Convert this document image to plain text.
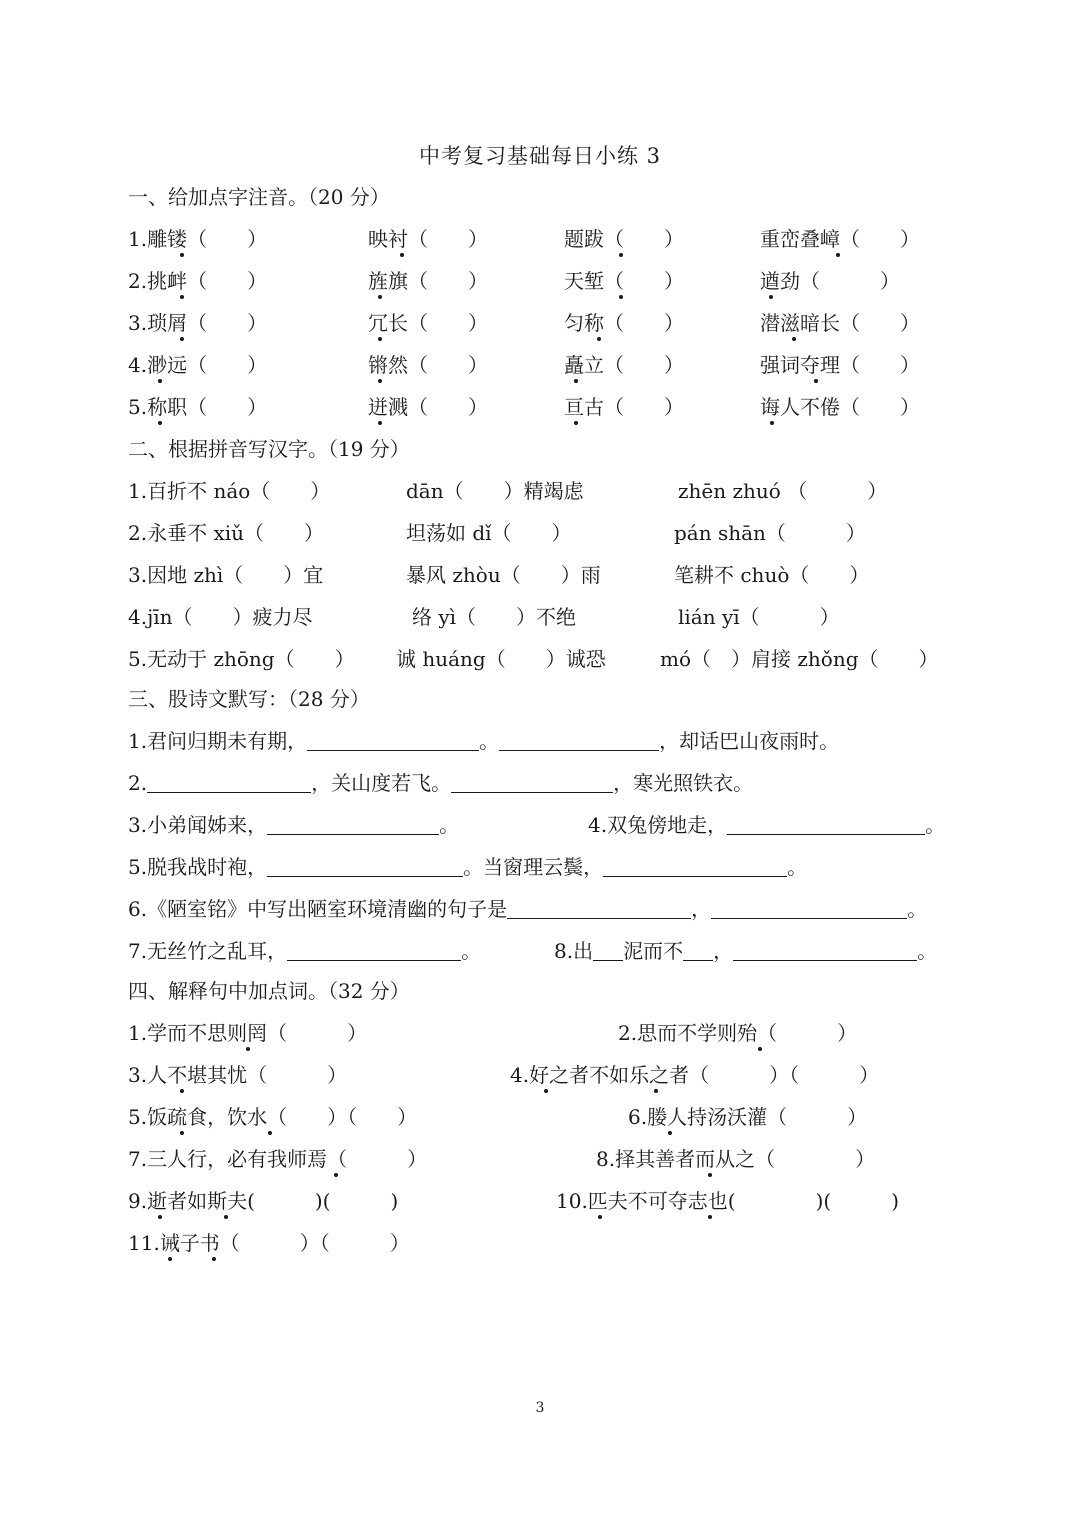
中考复习基础每日小练 3
一、给加点字注音。（20 分）
1.雕镂（　　）	映衬（　　）	题跋（　　）	重峦叠嶂（　　）
2.挑衅（　　）	旌旗（　　）	天堑（　　）	遒劲（　　　）
3.琐屑（　　）	冗长（　　）	匀称（　　）	潜滋暗长（　　）
4.渺远（　　）	锵然（　　）	矗立（　　）	强词夺理（　　）
5.称职（　　）	迸溅（　　）	亘古（　　）	诲人不倦（　　）
二、根据拼音写汉字。（19 分）
1.百折不 náo（　　）	dān（　　）精竭虑	zhēn zhuó （　　　）
2.永垂不 xiǔ（　　）	坦荡如 dǐ（　　）	pán shān（　　　）
3.因地 zhì（　　）宜	暴风 zhòu（　　）雨	笔耕不 chuò（　　）
4.jīn（　　）疲力尽	络 yì（　　）不绝	lián yī（　　　）
5.无动于 zhōng（　　） 诚 huáng（　　）诚恐	mó（　）肩接 zhǒng（　　）
三、股诗文默写：（28 分）
1.君问归期未有期，	。	，却话巴山夜雨时。
2.	，关山度若飞。	，寒光照铁衣。
3.小弟闻姊来，	。	4.双兔傍地走，	。
5.脱我战时袍，	。当窗理云鬓，	。
6.《陋室铭》中写出陋室环境清幽的句子是	，	。
7.无丝竹之乱耳，	。	8.出 泥而不 ，	。
四、解释句中加点词。（32 分）
1.学而不思则罔（　　　）	2.思而不学则殆（　　　）
3.人不堪其忧（　　　）	4.好之者不如乐之者（　　　）（　　　）
5.饭疏食，饮水（　　）（　　）	6.媵人持汤沃灌（　　　）
7.三人行，必有我师焉（　　　）	8.择其善者而从之（　　　　）
9.逝者如斯夫(　　　)(　　　)	10.匹夫不可夺志也(　　　　)(　　　)
11.诫子书（　　　）（　　　）
3
